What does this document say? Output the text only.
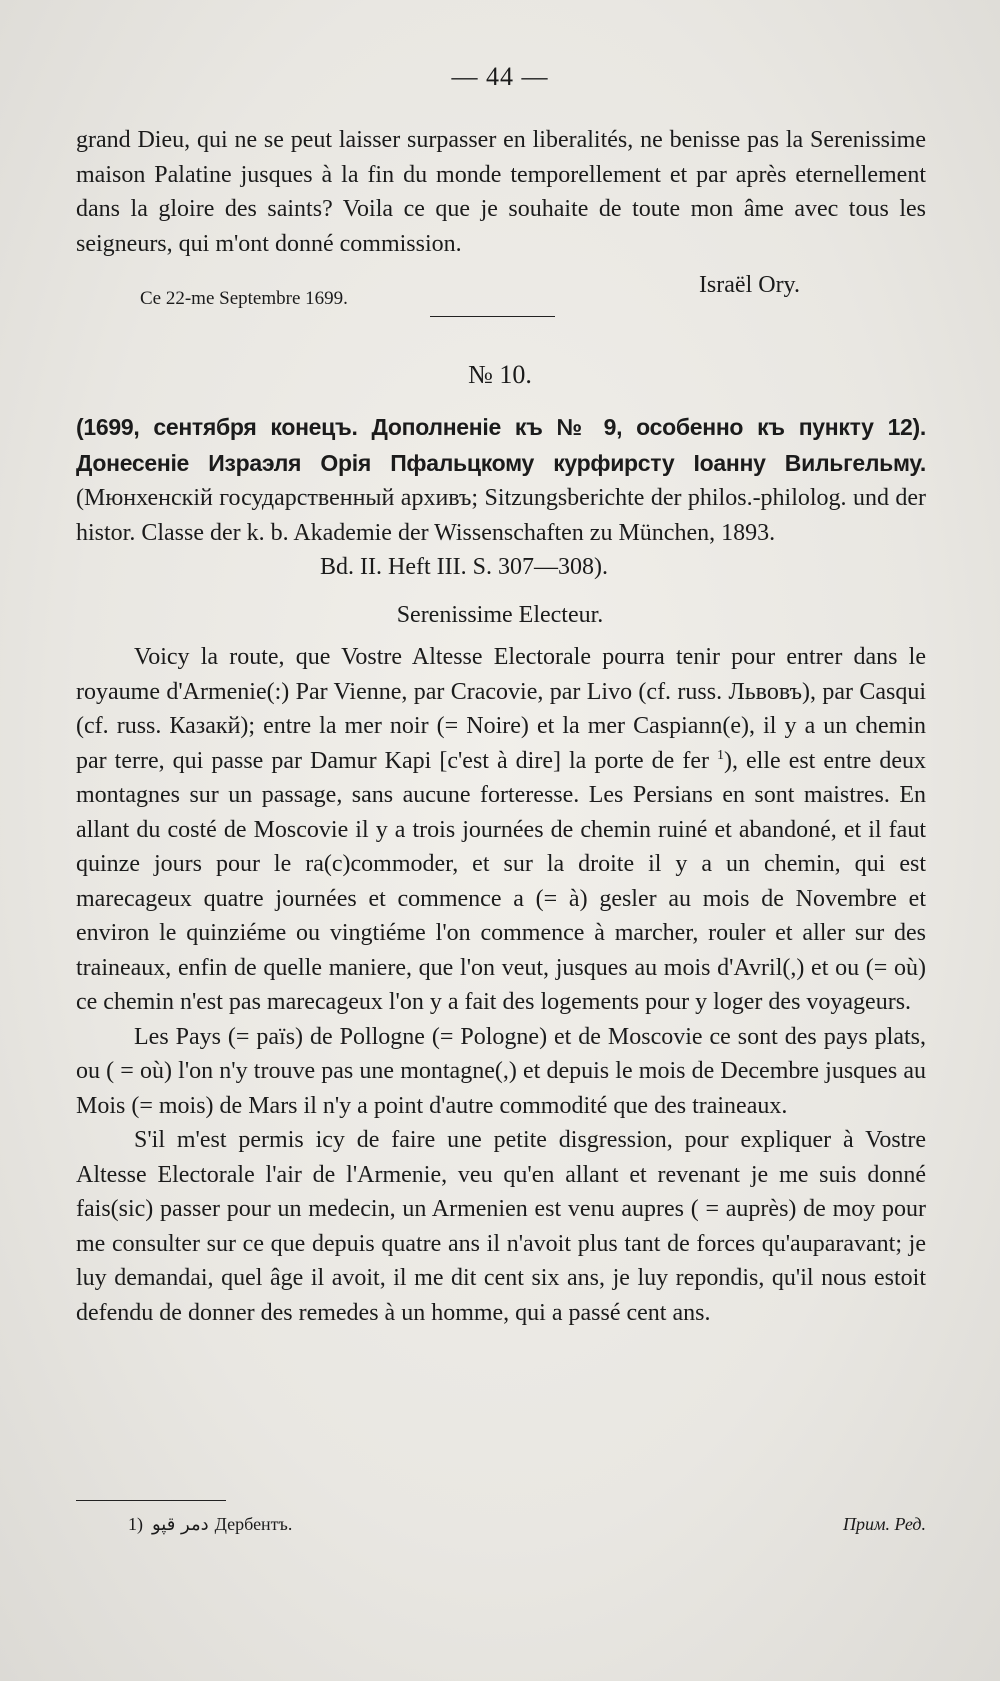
— 44 —

grand Dieu, qui ne se peut laisser surpasser en liberalités, ne benisse pas la Serenissime maison Palatine jusques à la fin du monde temporellement et par après eternellement dans la gloire des saints? Voila ce que je souhaite de toute mon âme avec tous les seigneurs, qui m'ont donné commission.

Ce 22-me Septembre 1699.
Israël Ory.
№ 10.
(1699, сентября конецъ. Дополненіе къ № 9, особенно къ пункту 12). Донесеніе Израэля Орія Пфальцкому курфирсту Іоанну Вильгельму. (Мюнхенскій государственный архивъ; Sitzungsberichte der philos.-philolog. und der histor. Classe der k. b. Akademie der Wissenschaften zu München, 1893.
Bd. II. Heft III. S. 307—308).
Serenissime Electeur.

Voicy la route, que Vostre Altesse Electorale pourra tenir pour entrer dans le royaume d'Armenie(:) Par Vienne, par Cracovie, par Livo (cf. russ. Львовъ), par Casqui (cf. russ. Казакй); entre la mer noir (= Noire) et la mer Caspiann(e), il y a un chemin par terre, qui passe par Damur Kapi [c'est à dire] la porte de fer $^1$), elle est entre deux montagnes sur un passage, sans aucune forteresse. Les Persians en sont maistres. En allant du costé de Moscovie il y a trois journées de chemin ruiné et abandoné, et il faut quinze jours pour le ra(c)commoder, et sur la droite il y a un chemin, qui est marecageux quatre journées et commence a (= à) gesler au mois de Novembre et environ le quinziéme ou vingtiéme l'on commence à marcher, rouler et aller sur des traineaux, enfin de quelle maniere, que l'on veut, jusques au mois d'Avril(,) et ou (= où) ce chemin n'est pas marecageux l'on y a fait des logements pour y loger des voyageurs.

Les Pays (= païs) de Pollogne (= Pologne) et de Moscovie ce sont des pays plats, ou ( = où) l'on n'y trouve pas une montagne(,) et depuis le mois de Decembre jusques au Mois (= mois) de Mars il n'y a point d'autre commodité que des traineaux.

S'il m'est permis icy de faire une petite disgression, pour expliquer à Vostre Altesse Electorale l'air de l'Armenie, veu qu'en allant et revenant je me suis donné fais(sic) passer pour un medecin, un Armenien est venu aupres ( = auprès) de moy pour me consulter sur ce que depuis quatre ans il n'avoit plus tant de forces qu'auparavant; je luy demandai, quel âge il avoit, il me dit cent six ans, je luy repondis, qu'il nous estoit defendu de donner des remedes à un homme, qui a passé cent ans.

1) دمر قپو Дербентъ.	Прим. Ред.
